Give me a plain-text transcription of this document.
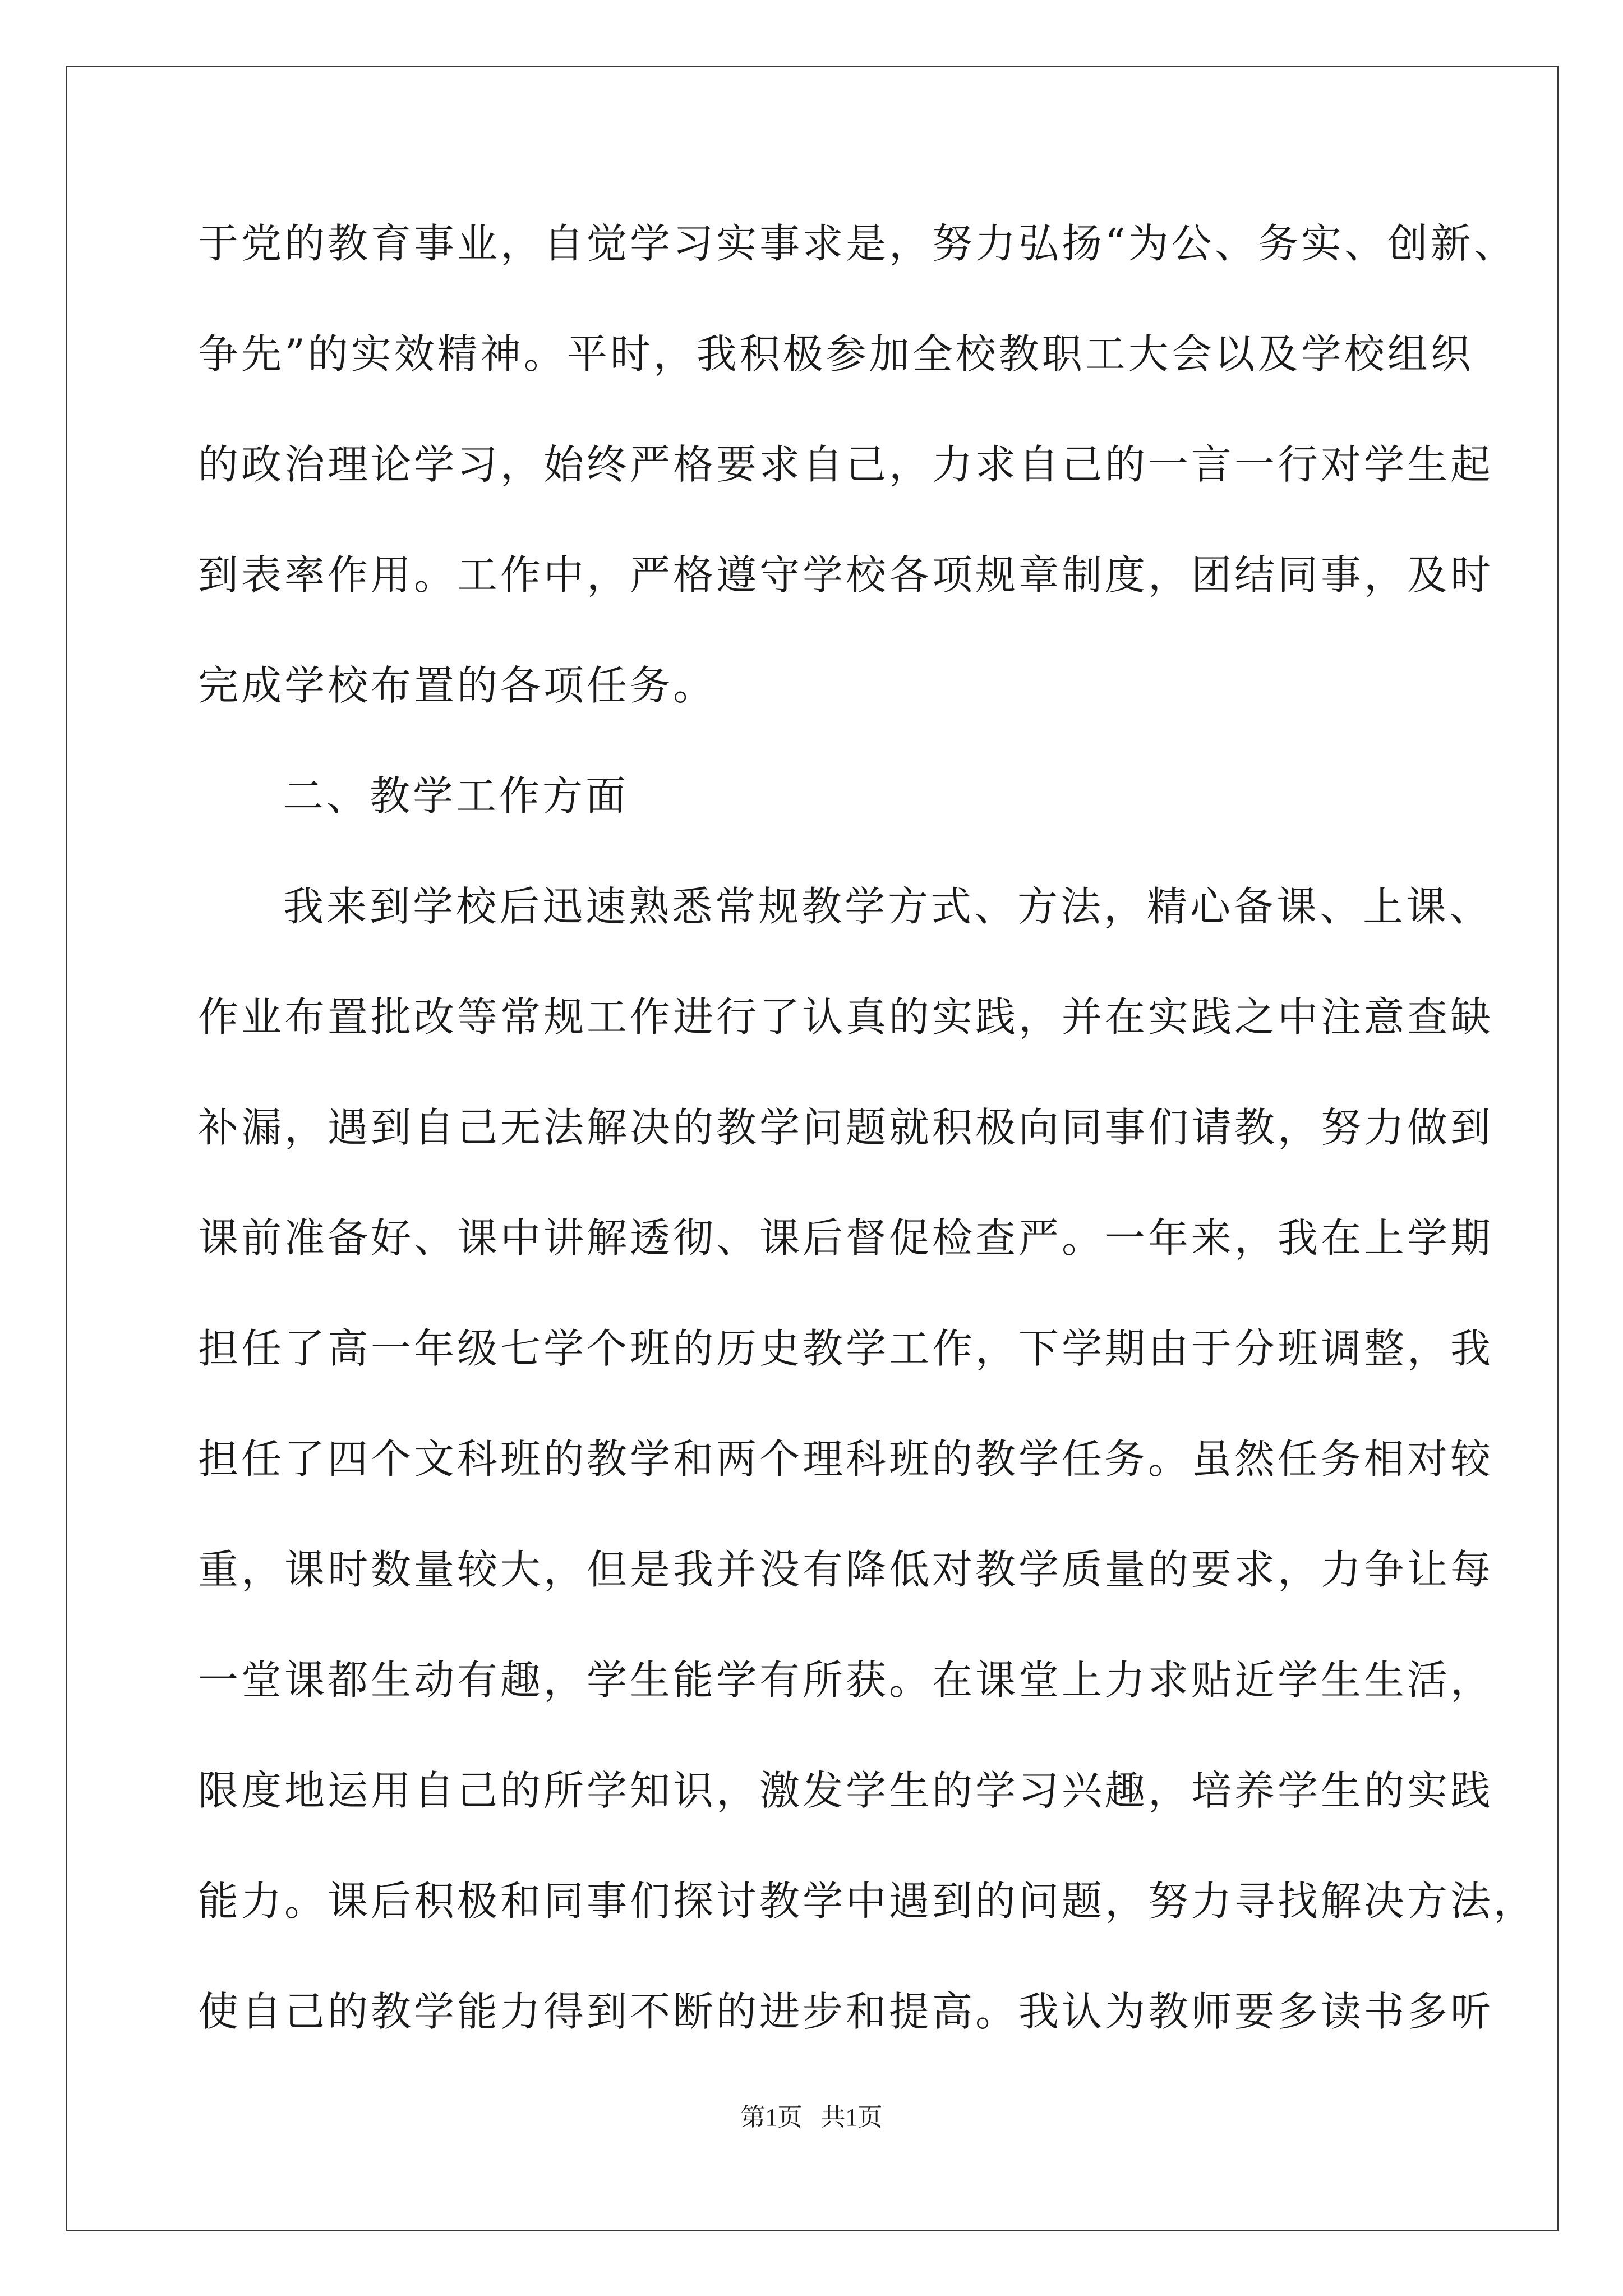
于党的教育事业，自觉学习实事求是，努力弘扬“为公、务实、创新、
争先”的实效精神。平时，我积极参加全校教职工大会以及学校组织
的政治理论学习，始终严格要求自己，力求自己的一言一行对学生起
到表率作用。工作中，严格遵守学校各项规章制度，团结同事，及时
完成学校布置的各项任务。
二、教学工作方面
我来到学校后迅速熟悉常规教学方式、方法，精心备课、上课、
作业布置批改等常规工作进行了认真的实践，并在实践之中注意查缺
补漏，遇到自己无法解决的教学问题就积极向同事们请教，努力做到
课前准备好、课中讲解透彻、课后督促检查严。一年来，我在上学期
担任了高一年级七学个班的历史教学工作，下学期由于分班调整，我
担任了四个文科班的教学和两个理科班的教学任务。虽然任务相对较
重，课时数量较大，但是我并没有降低对教学质量的要求，力争让每
一堂课都生动有趣，学生能学有所获。在课堂上力求贴近学生生活，
限度地运用自己的所学知识，激发学生的学习兴趣，培养学生的实践
能力。课后积极和同事们探讨教学中遇到的问题，努力寻找解决方法，
使自己的教学能力得到不断的进步和提高。我认为教师要多读书多听
第1页   共1页
